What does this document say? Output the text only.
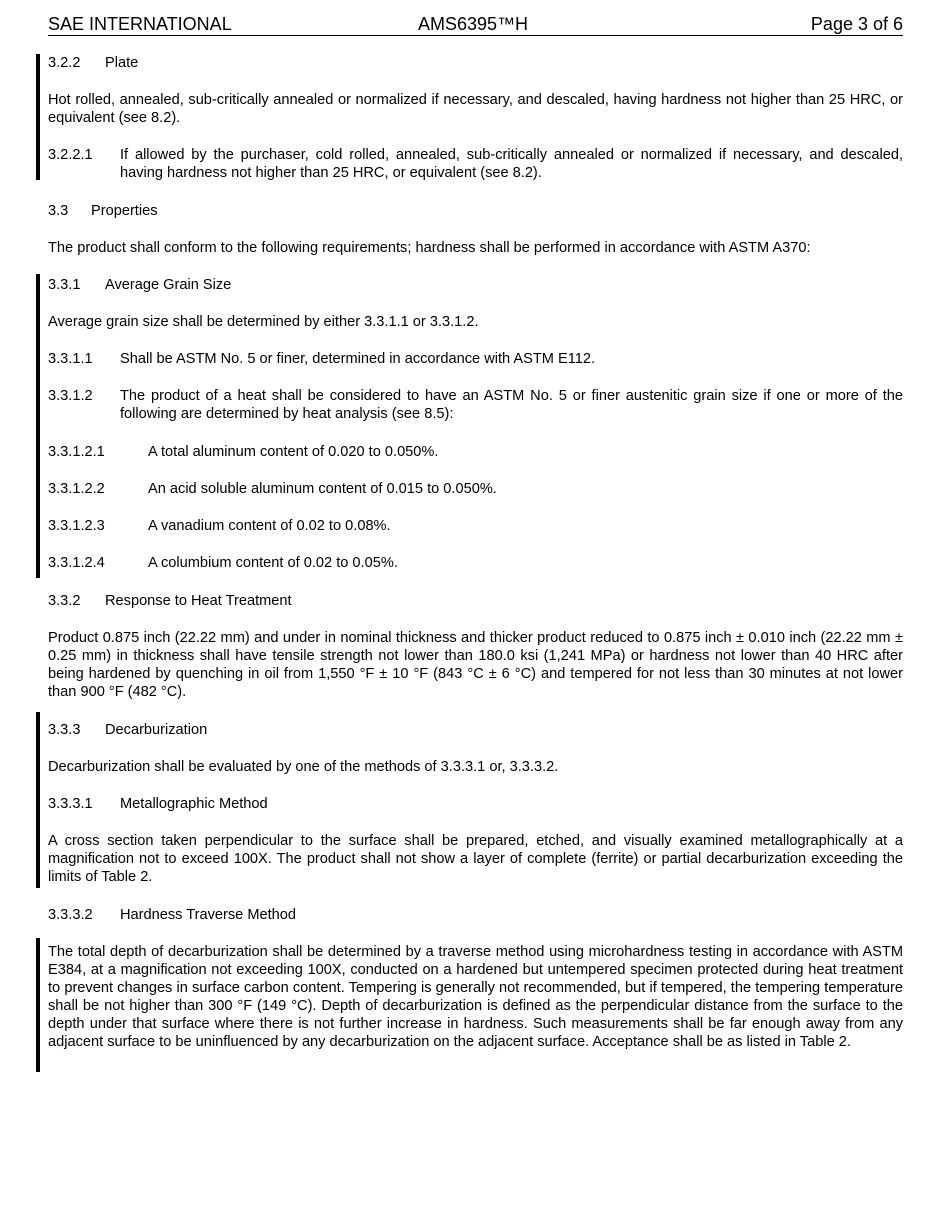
SAE INTERNATIONAL	AMS6395™H	Page 3 of 6
3.2.2 Plate

Hot rolled, annealed, sub-critically annealed or normalized if necessary, and descaled, having hardness not higher than 25 HRC, or equivalent (see 8.2).

3.2.2.1 If allowed by the purchaser, cold rolled, annealed, sub-critically annealed or normalized if necessary, and descaled, having hardness not higher than 25 HRC, or equivalent (see 8.2).
3.3 Properties

The product shall conform to the following requirements; hardness shall be performed in accordance with ASTM A370:

3.3.1 Average Grain Size

Average grain size shall be determined by either 3.3.1.1 or 3.3.1.2.

3.3.1.1 Shall be ASTM No. 5 or finer, determined in accordance with ASTM E112.
3.3.1.2 The product of a heat shall be considered to have an ASTM No. 5 or finer austenitic grain size if one or more of the following are determined by heat analysis (see 8.5):
3.3.1.2.1	A total aluminum content of 0.020 to 0.050%.
3.3.1.2.2	An acid soluble aluminum content of 0.015 to 0.050%.
3.3.1.2.3	A vanadium content of 0.02 to 0.08%.
3.3.1.2.4	A columbium content of 0.02 to 0.05%.
3.3.2 Response to Heat Treatment

Product 0.875 inch (22.22 mm) and under in nominal thickness and thicker product reduced to 0.875 inch ± 0.010 inch (22.22 mm ± 0.25 mm) in thickness shall have tensile strength not lower than 180.0 ksi (1,241 MPa) or hardness not lower than 40 HRC after being hardened by quenching in oil from 1,550 °F ± 10 °F (843 °C ± 6 °C) and tempered for not less than 30 minutes at not lower than 900 °F (482 °C).

3.3.3 Decarburization

Decarburization shall be evaluated by one of the methods of 3.3.3.1 or, 3.3.3.2.

3.3.3.1 Metallographic Method

A cross section taken perpendicular to the surface shall be prepared, etched, and visually examined metallographically at a magnification not to exceed 100X. The product shall not show a layer of complete (ferrite) or partial decarburization exceeding the limits of Table 2.

3.3.3.2 Hardness Traverse Method

The total depth of decarburization shall be determined by a traverse method using microhardness testing in accordance with ASTM E384, at a magnification not exceeding 100X, conducted on a hardened but untempered specimen protected during heat treatment to prevent changes in surface carbon content. Tempering is generally not recommended, but if tempered, the tempering temperature shall be not higher than 300 °F (149 °C). Depth of decarburization is defined as the perpendicular distance from the surface to the depth under that surface where there is not further increase in hardness. Such measurements shall be far enough away from any adjacent surface to be uninfluenced by any decarburization on the adjacent surface. Acceptance shall be as listed in Table 2.
